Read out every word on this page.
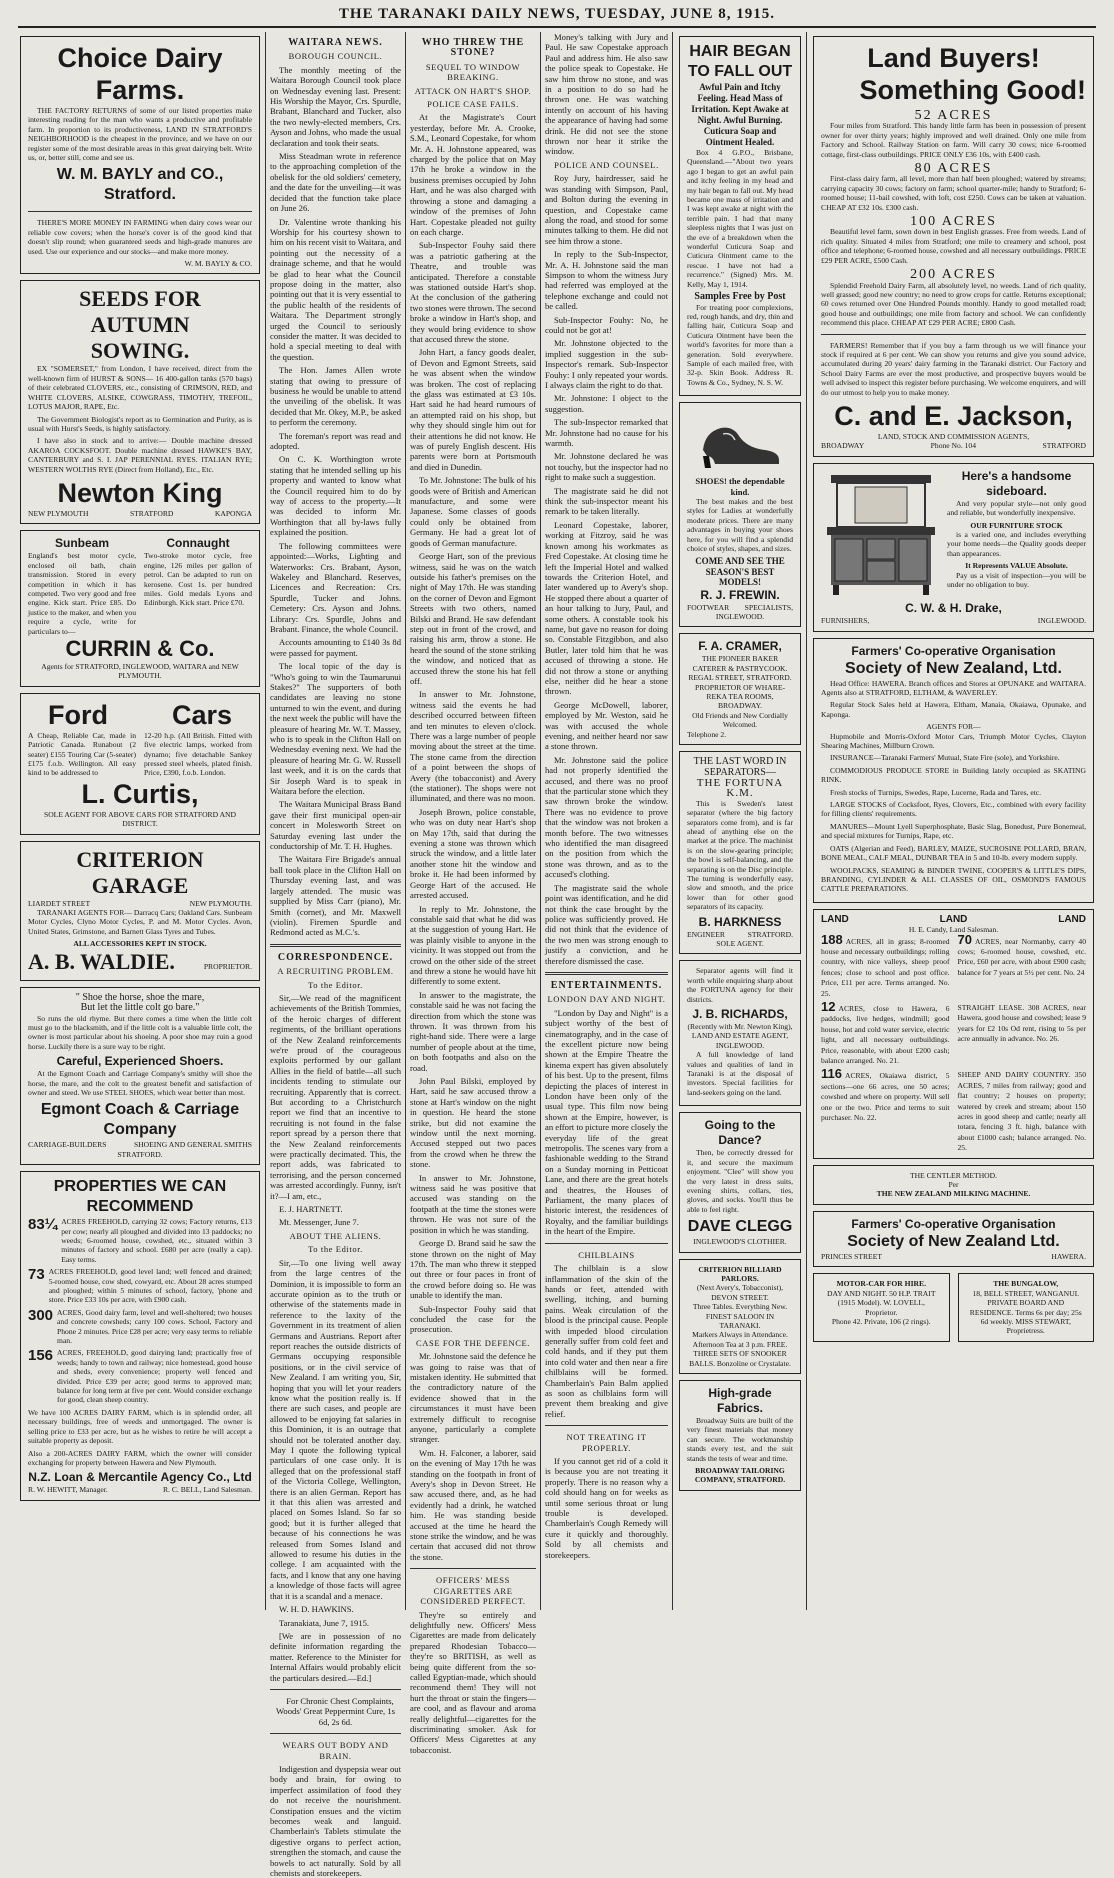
THE TARANAKI DAILY NEWS, TUESDAY, JUNE 8, 1915.
Choice Dairy Farms.

THE FACTORY RETURNS of some of our listed properties make interesting reading for the man who wants a productive and profitable farm. In proportion to its productiveness, LAND IN STRATFORD'S NEIGHBORHOOD is the cheapest in the province, and we have on our register some of the most desirable areas in this great dairying belt. Write us, or, better still, come and see us.

W. M. BAYLY and CO., Stratford.

THERE'S MORE MONEY IN FARMING when dairy cows wear our reliable cow covers; when the horse's cover is of the good kind that doesn't slip round; when guaranteed seeds and high-grade manures are used. Use our experience and our stocks—and make more money.

W. M. BAYLY & CO.
SEEDS FOR AUTUMN
SOWING.

EX "SOMERSET," from London, I have received, direct from the well-known firm of HURST & SONS— 16 400-gallon tanks (570 bags) of their celebrated CLOVERS, etc., consisting of CRIMSON, RED, and WHITE CLOVERS, ALSIKE, COWGRASS, TIMOTHY, TREFOIL, LOTUS MAJOR, RAPE, Etc.

The Government Biologist's report as to Germination and Purity, as is usual with Hurst's Seeds, is highly satisfactory.

I have also in stock and to arrive:— Double machine dressed AKAROA COCKSFOOT. Double machine dressed HAWKE'S BAY, CANTERBURY and S. I. JAP PERENNIAL RYES. ITALIAN RYE; WESTERN WOLTHS RYE (Direct from Holland), Etc., Etc.

Newton King
NEW PLYMOUTH	STRATFORD	KAPONGA
Sunbeam
England's best motor cycle, enclosed oil bath, chain transmission. Stored in every competition in which it has competed. Two very good and free engine. Kick start. Price £85. Do justice to the maker, and when you require a cycle, write for particulars to—
Connaught
Two-stroke motor cycle, free engine, 126 miles per gallon of petrol. Can be adapted to run on kerosene. Cost 1s. per hundred miles. Gold medals Lyons and Edinburgh. Kick start. Price £70.
CURRIN & Co.
Agents for STRATFORD, INGLEWOOD, WAITARA and NEW PLYMOUTH.
Ford Cars
A Cheap, Reliable Car, made in Patriotic Canada. Runabout (2 seater) £155 Touring Car (5-seater) £175 f.o.b. Wellington. All easy kind to be addressed to
12-20 h.p. (All British. Fitted with five electric lamps, worked from dynamo; five detachable Sankey pressed steel wheels, plated finish. Price, £390, f.o.b. London.
L. Curtis,
SOLE AGENT FOR ABOVE CARS FOR STRATFORD AND DISTRICT.
CRITERION GARAGE
LIARDET STREET	NEW PLYMOUTH.

TARANAKI AGENTS FOR— Darracq Cars; Oakland Cars. Sunbeam Motor Cycles, Clyno Motor Cycles, P. and M. Motor Cycles. Avon, United States, Grimstone, and Barnett Glass Tyres and Tubes.

ALL ACCESSORIES KEPT IN STOCK.
A. B. WALDIE.	PROPRIETOR.
" Shoe the horse, shoe the mare,
But let the little colt go bare."

So runs the old rhyme. But there comes a time when the little colt must go to the blacksmith, and if the little colt is a valuable little colt, the owner is most particular about his shoeing. A poor shoe may ruin a good horse. Luckily there is a sure way to be right.

Careful, Experienced Shoers.

At the Egmont Coach and Carriage Company's smithy will shoe the horse, the mare, and the colt to the greatest benefit and satisfaction of owner and steed. We use STEEL SHOES, which wear better than most.

Egmont Coach & Carriage Company
CARRIAGE-BUILDERS	SHOEING AND GENERAL SMITHS
STRATFORD.
PROPERTIES WE CAN RECOMMEND
83¼ ACRES FREEHOLD, carrying 32 cows; Factory returns, £13 per cow; nearly all ploughed and divided into 13 paddocks; no weeds; 6-roomed house, cowshed, etc., situated within 3 minutes of factory and school. £680 per acre (really a cap). Easy terms.
73 ACRES FREEHOLD, good level land; well fenced and drained; 5-roomed house, cow shed, cowyard, etc. About 28 acres stumped and ploughed; within 5 minutes of school, factory, 'phone and store. Price £33 10s per acre, with £900 cash.
300 ACRES, Good dairy farm, level and well-sheltered; two houses and concrete cowsheds; carry 100 cows. School, Factory and Phone 2 minutes. Price £28 per acre; very easy terms to reliable man.
156 ACRES, FREEHOLD, good dairying land; practically free of weeds; handy to town and railway; nice homestead, good house and sheds, every convenience; property well fenced and divided. Price £39 per acre; good terms to approved man; balance for long term at five per cent. Would consider exchange for good, clean sheep country.
We have 100 ACRES DAIRY FARM, which is in splendid order, all necessary buildings, free of weeds and unmortgaged. The owner is selling price to £33 per acre, but as he wishes to retire he will accept a suitable property as deposit.
Also a 200-ACRES DAIRY FARM, which the owner will consider exchanging for property between Hawera and New Plymouth.
N.Z. Loan & Mercantile Agency Co., Ltd
R. W. HEWITT, Manager.	R. C. BELL, Land Salesman.
WAITARA NEWS.
BOROUGH COUNCIL.

The monthly meeting of the Waitara Borough Council took place on Wednesday evening last. Present: His Worship the Mayor, Crs. Spurdle, Brabant, Blanchard and Tucker, also the two newly-elected members, Crs. Ayson and Johns, who made the usual declaration and took their seats.

Miss Steadman wrote in reference to the approaching completion of the obelisk for the old soldiers' cemetery, and the date for the unveiling—it was decided that the function take place on June 26.

Dr. Valentine wrote thanking his Worship for his courtesy shown to him on his recent visit to Waitara, and pointing out the necessity of a drainage scheme, and that he would be glad to hear what the Council propose doing in the matter, also pointing out that it is very essential to the public health of the residents of Waitara. The Department strongly urged the Council to seriously consider the matter. It was decided to hold a special meeting to deal with the question.

The Hon. James Allen wrote stating that owing to pressure of business he would be unable to attend the unveiling of the obelisk. It was decided that Mr. Okey, M.P., be asked to perform the ceremony.

The foreman's report was read and adopted.

On C. K. Worthington wrote stating that he intended selling up his property and wanted to know what the Council required him to do by way of access to the property.—It was decided to inform Mr. Worthington that all by-laws fully explained the position.

The following committees were appointed:—Works, Lighting and Waterworks: Crs. Brabant, Ayson, Wakeley and Blanchard. Reserves, Licences and Recreation: Crs. Spurdle, Tucker and Johns. Cemetery: Crs. Ayson and Johns. Library: Crs. Spurdle, Johns and Brabant. Finance, the whole Council.

Accounts amounting to £140 3s 8d were passed for payment.

The local topic of the day is "Who's going to win the Taumarunui Stakes?" The supporters of both candidates are leaving no stone unturned to win the event, and during the next week the public will have the pleasure of hearing Mr. W. T. Massey, who is to speak in the Clifton Hall on Wednesday evening next. We had the pleasure of hearing Mr. G. W. Russell last week, and it is on the cards that Sir Joseph Ward is to speak in Waitara before the election.

The Waitara Municipal Brass Band gave their first municipal open-air concert in Molesworth Street on Saturday evening last under the conductorship of Mr. T. H. Hughes.

The Waitara Fire Brigade's annual ball took place in the Clifton Hall on Thursday evening last, and was largely attended. The music was supplied by Miss Carr (piano), Mr. Smith (cornet), and Mr. Maxwell (violin). Firemen Spurdle and Redmond acted as M.C.'s.

CORRESPONDENCE.
A RECRUITING PROBLEM.
To the Editor.

Sir,—We read of the magnificent achievements of the British Tommies, of the heroic charges of different regiments, of the brilliant operations of the New Zealand reinforcements we're proud of the courageous exploits performed by our gallant Allies in the field of battle—all such incidents tending to stimulate our recruiting. Apparently that is correct. But according to a Christchurch report we find that an incentive to recruiting is not found in the false report spread by a person there that the New Zealand reinforcements were practically decimated. This, the report adds, was fabricated to terrorising, and the person concerned was arrested accordingly. Funny, isn't it?—I am, etc.,

E. J. HARTNETT.

Mt. Messenger, June 7.

ABOUT THE ALIENS.
To the Editor.

Sir,—To one living well away from the large centres of the Dominion, it is impossible to form an accurate opinion as to the truth or otherwise of the statements made in reference to the laxity of the Government in its treatment of alien Germans and Austrians. Report after report reaches the outside districts of Germans occupying responsible positions, or in the civil service of New Zealand. I am writing you, Sir, hoping that you will let your readers know what the position really is. If there are such cases, and people are allowed to be enjoying fat salaries in this Dominion, it is an outrage that should not be tolerated another day. May I quote the following typical particulars of one case only. It is alleged that on the professional staff of the Victoria College, Wellington, there is an alien German. Report has it that this alien was arrested and placed on Somes Island. So far so good; but it is further alleged that because of his connections he was released from Somes Island and allowed to resume his duties in the college. I am acquainted with the facts, and I know that any one having a knowledge of those facts will agree that it is a scandal and a menace.

W. H. D. HAWKINS.

Taranakiata, June 7, 1915.

[We are in possession of no definite information regarding the matter. Reference to the Minister for Internal Affairs would probably elicit the particulars desired.—Ed.]

For Chronic Chest Complaints, Woods' Great Peppermint Cure, 1s 6d, 2s 6d.

WEARS OUT BODY AND BRAIN.

Indigestion and dyspepsia wear out body and brain, for owing to imperfect assimilation of food they do not receive the nourishment. Constipation ensues and the victim becomes weak and languid. Chamberlain's Tablets stimulate the digestive organs to perfect action, strengthen the stomach, and cause the bowels to act naturally. Sold by all chemists and storekeepers.

WHO THREW THE STONE?
SEQUEL TO WINDOW BREAKING.
ATTACK ON HART'S SHOP.
POLICE CASE FAILS.

At the Magistrate's Court yesterday, before Mr. A. Crooke, S.M., Leonard Copestake, for whom Mr. A. H. Johnstone appeared, was charged by the police that on May 17th he broke a window in the business premises occupied by John Hart, and he was also charged with throwing a stone and damaging a window of the premises of John Hart. Copestake pleaded not guilty on each charge.

Sub-Inspector Fouhy said there was a patriotic gathering at the Theatre, and trouble was anticipated. Therefore a constable was stationed outside Hart's shop. At the conclusion of the gathering two stones were thrown. The second broke a window in Hart's shop, and they would bring evidence to show that accused threw the stone.

John Hart, a fancy goods dealer, of Devon and Egmont Streets, said he was absent when the window was broken. The cost of replacing the glass was estimated at £3 10s. Hart said he had heard rumours of an attempted raid on his shop, but why they should single him out for their attentions he did not know. He was of purely English descent. His parents were born at Portsmouth and died in Dunedin.

To Mr. Johnstone: The bulk of his goods were of British and American manufacture, and some were Japanese. Some classes of goods could only be obtained from Germany. He had a great lot of goods of German manufacture.

George Hart, son of the previous witness, said he was on the watch outside his father's premises on the night of May 17th. He was standing on the corner of Devon and Egmont Streets with two others, named Bilski and Brand. He saw defendant step out in front of the crowd, and raising his arm, throw a stone. He heard the sound of the stone striking the window, and noticed that as accused threw the stone his hat fell off.

In answer to Mr. Johnstone, witness said the events he had described occurred between fifteen and ten minutes to eleven o'clock. There was a large number of people moving about the street at the time. The stone came from the direction of a point between the shops of Avery (the tobacconist) and Avery (the stationer). The shops were not illuminated, and there was no moon.

Joseph Brown, police constable, who was on duty near Hart's shop on May 17th, said that during the evening a stone was thrown which struck the window, and a little later another stone hit the window and broke it. He had been informed by George Hart of the accused. He arrested accused.

In reply to Mr. Johnstone, the constable said that what he did was at the suggestion of young Hart. He was plainly visible to anyone in the vicinity. It was stopped out from the crowd on the other side of the street and threw a stone he would have hit differently to some extent.

In answer to the magistrate, the constable said he was not facing the direction from which the stone was thrown. It was thrown from his right-hand side. There were a large number of people about at the time, on both footpaths and also on the road.

John Paul Bilski, employed by Hart, said he saw accused throw a stone at Hart's window on the night in question. He heard the stone strike, but did not examine the window until the next morning. Accused stepped out two paces from the crowd when he threw the stone.

In answer to Mr. Johnstone, witness said he was positive that accused was standing on the footpath at the time the stones were thrown. He was not sure of the position in which he was standing.

George D. Brand said he saw the stone thrown on the night of May 17th. The man who threw it stepped out three or four paces in front of the crowd before doing so. He was unable to identify the man.

Sub-Inspector Fouhy said that concluded the case for the prosecution.

CASE FOR THE DEFENCE.

Mr. Johnstone said the defence he was going to raise was that of mistaken identity. He submitted that the contradictory nature of the evidence showed that in the circumstances it must have been extremely difficult to recognise anyone, particularly a complete stranger.

Wm. H. Falconer, a laborer, said on the evening of May 17th he was standing on the footpath in front of Avery's shop in Devon Street. He saw accused there, and, as he had evidently had a drink, he watched him. He was standing beside accused at the time he heard the stone strike the window, and he was certain that accused did not throw the stone.

OFFICERS' MESS CIGARETTES ARE CONSIDERED PERFECT.

They're so entirely and delightfully new. Officers' Mess Cigarettes are made from delicately prepared Rhodesian Tobacco—they're so BRITISH, as well as being quite different from the so-called Egyptian-made, which should recommend them! They will not hurt the throat or stain the fingers—are cool, and as flavour and aroma really delightful—cigarettes for the discriminating smoker. Ask for Officers' Mess Cigarettes at any tobacconist.

Money's talking with Jury and Paul. He saw Copestake approach Paul and address him. He also saw the police speak to Copestake. He saw him throw no stone, and was in a position to do so had he thrown one. He was watching intently on account of his having the appearance of having had some drink. He did not see the stone thrown nor hear it strike the window.

POLICE AND COUNSEL.

Roy Jury, hairdresser, said he was standing with Simpson, Paul, and Bolton during the evening in question, and Copestake came along the road, and stood for some minutes talking to them. He did not see him throw a stone.

In reply to the Sub-Inspector, Mr. A. H. Johnstone said the man Simpson to whom the witness Jury had referred was employed at the telephone exchange and could not be called.

Sub-Inspector Fouhy: No, he could not be got at!

Mr. Johnstone objected to the implied suggestion in the sub-Inspector's remark. Sub-Inspector Fouhy: I only repeated your words. I always claim the right to do that.

Mr. Johnstone: I object to the suggestion.

The sub-Inspector remarked that Mr. Johnstone had no cause for his warmth.

Mr. Johnstone declared he was not touchy, but the inspector had no right to make such a suggestion.

The magistrate said he did not think the sub-inspector meant his remark to be taken literally.

Leonard Copestake, laborer, working at Fitzroy, said he was known among his workmates as Fred Copestake. At closing time he left the Imperial Hotel and walked towards the Criterion Hotel, and later wandered up to Avery's shop. He stopped there about a quarter of an hour talking to Jury, Paul, and some others. A constable took his name, but gave no reason for doing so. Constable Fitzgibbon, and also Butler, later told him that he was accused of throwing a stone. He did not throw a stone or anything else, neither did he hear a stone thrown.

George McDowell, laborer, employed by Mr. Weston, said he was with accused the whole evening, and neither heard nor saw a stone thrown.

Mr. Johnstone said the police had not properly identified the accused, and there was no proof that the particular stone which they saw thrown broke the window. There was no evidence to prove that the window was not broken a month before. The two witnesses who identified the man disagreed on the position from which the stone was thrown, and as to the accused's clothing.

The magistrate said the whole point was identification, and he did not think the case brought by the police was sufficiently proved. He did not think that the evidence of the two men was strong enough to justify a conviction, and he therefore dismissed the case.

ENTERTAINMENTS.
LONDON DAY AND NIGHT.

"London by Day and Night" is a subject worthy of the best of cinematography, and in the case of the excellent picture now being shown at the Empire Theatre the kinema expert has given absolutely of his best. Up to the present, films depicting the places of interest in London have been only of the usual type. This film now being shown at the Empire, however, is an effort to picture more closely the everyday life of the great metropolis. The scenes vary from a fashionable wedding to the Strand on a Sunday morning in Petticoat Lane, and there are the great hotels and theatres, the Houses of Parliament, the many places of historic interest, the residences of Royalty, and the familiar buildings in the heart of the Empire.

CHILBLAINS

The chilblain is a slow inflammation of the skin of the hands or feet, attended with swelling, itching, and burning pains. Weak circulation of the blood is the principal cause. People with impeded blood circulation generally suffer from cold feet and cold hands, and if they put them into cold water and then near a fire chilblains will be formed. Chamberlain's Pain Balm applied as soon as chilblains form will prevent them breaking and give relief.

NOT TREATING IT PROPERLY.

If you cannot get rid of a cold it is because you are not treating it properly. There is no reason why a cold should hang on for weeks as until some serious throat or lung trouble is developed. Chamberlain's Cough Remedy will cure it quickly and thoroughly. Sold by all chemists and storekeepers.

HAIR BEGAN
TO FALL OUT
Awful Pain and Itchy Feeling. Head Mass of Irritation. Kept Awake at Night. Awful Burning. Cuticura Soap and Ointment Healed.

Box 4 G.P.O., Brisbane, Queensland.—"About two years ago I began to get an awful pain and itchy feeling in my head and my hair began to fall out. My head became one mass of irritation and I was kept awake at night with the terrible pain. I had that many sleepless nights that I was just on the eve of a breakdown when the wonderful Cuticura Soap and Cuticura Ointment came to the rescue. I have not had a recurrence." (Signed) Mrs. M. Kelly, May 1, 1914.

Samples Free by Post

For treating poor complexions, red, rough hands, and dry, thin and falling hair, Cuticura Soap and Cuticura Ointment have been the world's favorites for more than a generation. Sold everywhere. Sample of each mailed free, with 32-p. Skin Book. Address R. Towns & Co., Sydney, N. S. W.

SHOES! the dependable kind.

The best makes and the best styles for Ladies at wonderfully moderate prices. There are many advantages in buying your shoes here, for you will find a splendid choice of styles, shapes, and sizes.

COME AND SEE THE SEASON'S BEST MODELS!
R. J. FREWIN.
FOOTWEAR SPECIALISTS,
INGLEWOOD.
F. A. CRAMER,
THE PIONEER BAKER CATERER & PASTRYCOOK.
REGAL STREET, STRATFORD.
PROPRIETOR OF WHARE-REKA TEA ROOMS, BROADWAY.
Old Friends and New Cordially Welcomed.
Telephone 2.
THE LAST WORD IN
SEPARATORS—
THE FORTUNA K.M.

This is Sweden's latest separator (where the big factory separators come from), and is far ahead of anything else on the market at the price. The machinist is on the slow-gearing principle; the bowl is self-balancing, and the separating is on the Disc principle. The turning is wonderfully easy, slow and smooth, and the price lower than for other good separators of its capacity.

B. HARKNESS
ENGINEER	STRATFORD.
SOLE AGENT.

Separator agents will find it worth while enquiring sharp about the FORTUNA agency for their districts.

J. B. RICHARDS,
(Recently with Mr. Newton King),
LAND AND ESTATE AGENT, INGLEWOOD.

A full knowledge of land values and qualities of land in Taranaki is at the disposal of investors. Special facilities for land-seekers going on the land.

Going to the Dance?

Then, be correctly dressed for it, and secure the maximum enjoyment. "Clee" will show you the very latest in dress suits, evening shirts, collars, ties, gloves, and socks. You'll thus be able to feel right.

DAVE CLEGG
INGLEWOOD'S CLOTHIER.
CRITERION BILLIARD PARLORS.
(Next Avery's, Tobacconist),
DEVON STREET.
Three Tables. Everything New.
FINEST SALOON IN TARANAKI.
Markers Always in Attendance.
Afternoon Tea at 3 p.m. FREE.
THREE SETS OF SNOOKER BALLS. Bonzoline or Crystalate.
High-grade Fabrics.

Broadway Suits are built of the very finest materials that money can secure. The workmanship stands every test, and the suit stands the tests of wear and time.

BROADWAY TAILORING COMPANY, STRATFORD.
Land Buyers!
Something Good!
52 ACRES

Four miles from Stratford. This handy little farm has been in possession of present owner for over thirty years; highly improved and well drained. Only one mile from Factory and School. Railway Station on farm. Will carry 30 cows; nice 6-roomed cottage, first-class outbuildings. PRICE ONLY £36 10s, with £400 cash.

80 ACRES

First-class dairy farm, all level, more than half been ploughed; watered by streams; carrying capacity 30 cows; factory on farm; school quarter-mile; handy to Stratford; 6-roomed house; 11-bail cowshed, with loft, cost £250. Cows can be taken at valuation. CHEAP AT £32 10s. £300 cash.

100 ACRES

Beautiful level farm, sown down in best English grasses. Free from weeds. Land of rich quality. Situated 4 miles from Stratford; one mile to creamery and school, post office and telephone; 6-roomed house, cowshed and all necessary outbuildings. PRICE £29 PER ACRE, £500 Cash.

200 ACRES

Splendid Freehold Dairy Farm, all absolutely level, no weeds. Land of rich quality, well grassed; good new country; no need to grow crops for cattle. Returns exceptional; 60 cows returned over One Hundred Pounds monthly. Handy to good metalled road; good house and outbuildings; one mile from factory and school. We can confidently recommend this place. CHEAP AT £29 PER ACRE; £800 Cash.

FARMERS! Remember that if you buy a farm through us we will finance your stock if required at 6 per cent. We can show you returns and give you sound advice, accumulated during 20 years' dairy farming in the Taranaki district. Our Factory and School Dairy Farms are ever the most productive, and prospective buyers would be well advised to inspect this register before purchasing. We welcome enquirers, and will do our utmost to help you to make money.

C. and E. Jackson,
LAND, STOCK AND COMMISSION AGENTS,
BROADWAY	Phone No. 104	STRATFORD
Here's a handsome sideboard.

And very popular style—not only good and reliable, but wonderfully inexpensive.

OUR FURNITURE STOCK

is a varied one, and includes everything your home needs—the Quality goods deeper than appearances.

It Represents VALUE Absolute.

Pay us a visit of inspection—you will be under no obligation to buy.

C. W. & H. Drake,
FURNISHERS,	INGLEWOOD.
Farmers' Co-operative Organisation
Society of New Zealand, Ltd.

Head Office: HAWERA. Branch offices and Stores at OPUNAKE and WAITARA. Agents also at STRATFORD, ELTHAM, & WAVERLEY.

Regular Stock Sales held at Hawera, Eltham, Manaia, Okaiawa, Opunake, and Kaponga.

AGENTS FOR—

Hupmobile and Morris-Oxford Motor Cars, Triumph Motor Cycles, Clayton Shearing Machines, Millburn Crown.

INSURANCE—Taranaki Farmers' Mutual, State Fire (sole), and Yorkshire.

COMMODIOUS PRODUCE STORE in Building lately occupied as SKATING RINK.

Fresh stocks of Turnips, Swedes, Rape, Lucerne, Rada and Tares, etc.

LARGE STOCKS of Cocksfoot, Ryes, Clovers, Etc., combined with every facility for filling clients' requirements.

MANURES—Mount Lyell Superphosphate, Basic Slag, Bonedust, Pure Bonemeal, and special mixtures for Turnips, Rape, etc.

OATS (Algerian and Feed), BARLEY, MAIZE, SUCROSINE POLLARD, BRAN, BONE MEAL, CALF MEAL, DUNBAR TEA in 5 and 10-lb. every modern supply.

WOOLPACKS, SEAMING & BINDER TWINE, COOPER'S & LITTLE'S DIPS, BRANDING, CYLINDER & ALL CLASSES OF OIL, OSMOND'S FAMOUS CATTLE PREPARATIONS.

LAND	LAND	LAND
H. E. Candy, Land Salesman.
188 ACRES, all in grass; 8-roomed house and necessary outbuildings; rolling country, with nice valleys, sheep proof fences; close to school and post office. Price, £11 per acre. Terms arranged. No. 25.
70 ACRES, near Normanby, carry 40 cows; 6-roomed house, cowshed, etc. Price, £60 per acre, with about £900 cash; balance for 7 years at 5½ per cent. No. 24
12 ACRES, close to Hawera, 6 paddocks, live hedges, windmill; good house, hot and cold water service, electric light, and all necessary outbuildings. Price, reasonable, with about £200 cash; balance arranged. No. 21.
STRAIGHT LEASE. 308 ACRES, near Hawera, good house and cowshed; lease 9 years for £2 10s Od rent, rising to 5s per acre annually in advance. No. 26.
116 ACRES, Okaiawa district, 5 sections—one 66 acres, one 50 acres; cowshed and where on property. Will sell one or the two. Price and terms to suit purchaser. No. 22.
SHEEP AND DAIRY COUNTRY. 350 ACRES, 7 miles from railway; good and flat country; 2 houses on property; watered by creek and stream; about 150 acres in good sheep and cattle; nearly all totara, fencing 3 ft. high, balance with about £1000 cash; balance arranged. No. 25.
THE CENTLER METHOD.
Per
THE NEW ZEALAND MILKING MACHINE.
Farmers' Co-operative Organisation
Society of New Zealand Ltd.
PRINCES STREET	HAWERA.
MOTOR-CAR FOR HIRE.
DAY AND NIGHT. 50 H.P. TRAIT (1915 Model). W. LOVELL, Proprietor.
Phone 42. Private, 106 (2 rings).
THE BUNGALOW,
18, BELL STREET, WANGANUI. PRIVATE BOARD AND RESIDENCE. Terms 6s per day; 25s 6d weekly. MISS STEWART, Proprietress.
